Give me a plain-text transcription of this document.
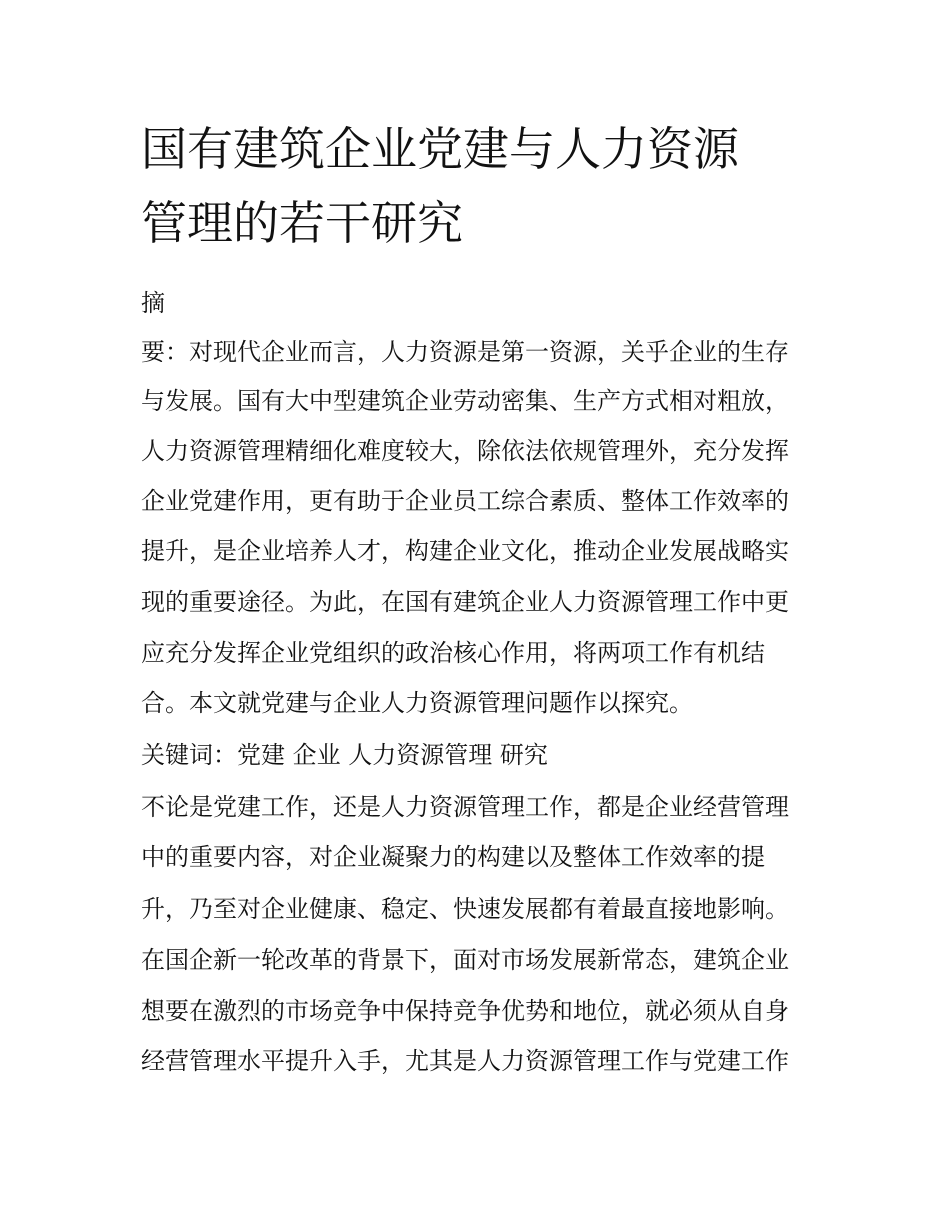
国有建筑企业党建与人力资源
管理的若干研究

摘

要：对现代企业而言，人力资源是第一资源，关乎企业的生存

与发展。国有大中型建筑企业劳动密集、生产方式相对粗放，

人力资源管理精细化难度较大，除依法依规管理外，充分发挥

企业党建作用，更有助于企业员工综合素质、整体工作效率的

提升，是企业培养人才，构建企业文化，推动企业发展战略实

现的重要途径。为此，在国有建筑企业人力资源管理工作中更

应充分发挥企业党组织的政治核心作用，将两项工作有机结

合。本文就党建与企业人力资源管理问题作以探究。

关键词：党建 企业 人力资源管理 研究

不论是党建工作，还是人力资源管理工作，都是企业经营管理

中的重要内容，对企业凝聚力的构建以及整体工作效率的提

升，乃至对企业健康、稳定、快速发展都有着最直接地影响。

在国企新一轮改革的背景下，面对市场发展新常态，建筑企业

想要在激烈的市场竞争中保持竞争优势和地位，就必须从自身

经营管理水平提升入手，尤其是人力资源管理工作与党建工作
